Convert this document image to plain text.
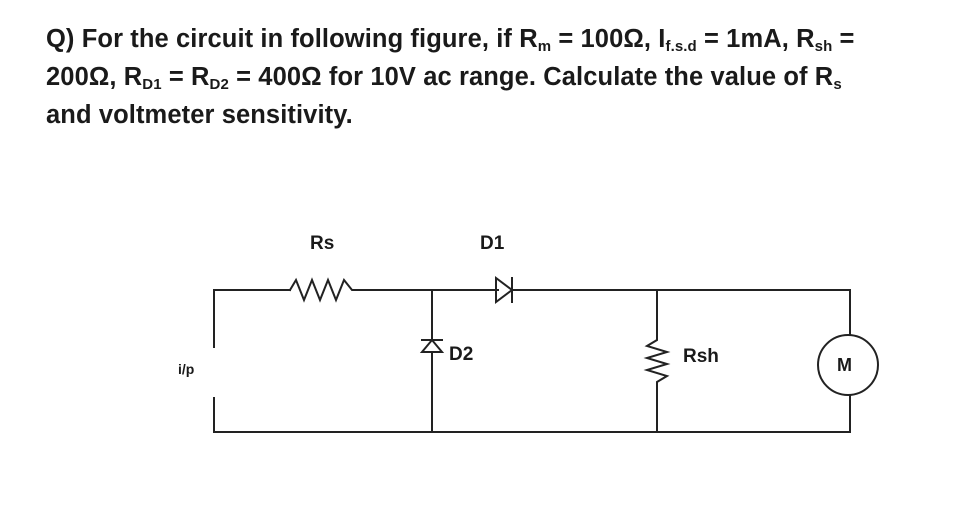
Q) For the circuit in following figure, if $R_m = 100\Omega$, $I_{f.s.d} = 1mA$, $R_{sh}$ =
200Ω, $R_{D1} = R_{D2} = 400\Omega$ for 10V ac range. Calculate the value of $R_s$
and voltmeter sensitivity.
Rs	D1
D2	Rsh	M
i/p
